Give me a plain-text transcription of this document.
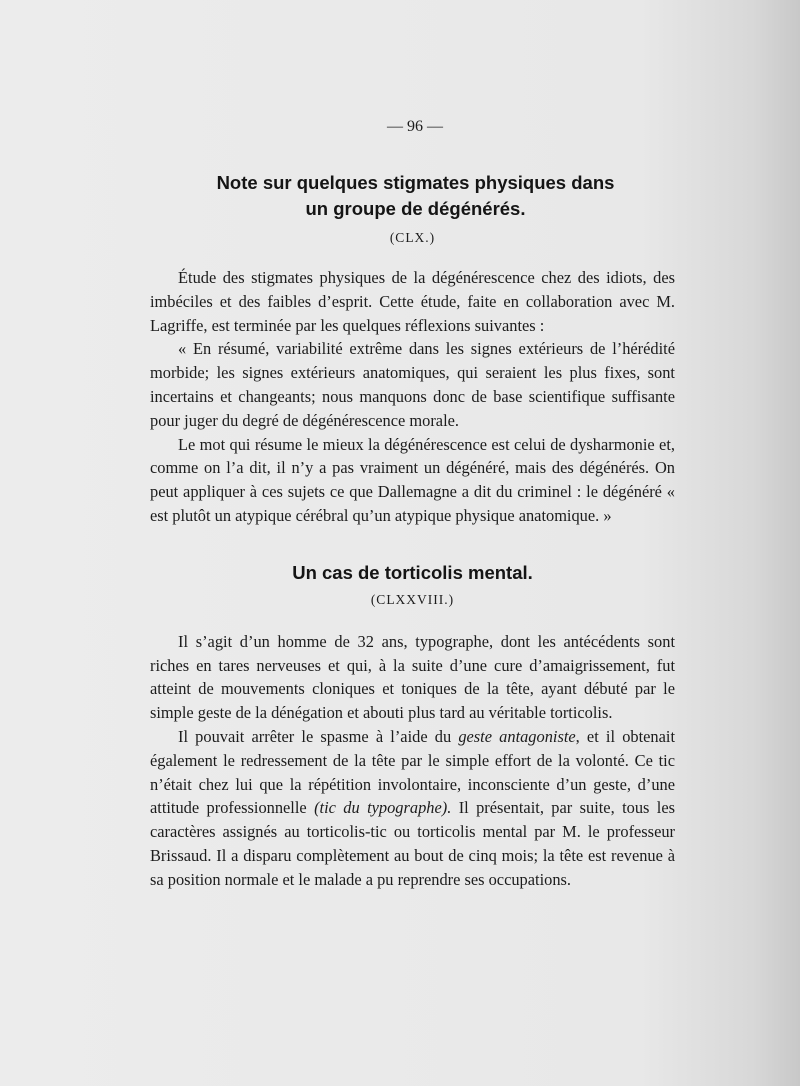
— 96 —
Note sur quelques stigmates physiques dans
un groupe de dégénérés.
(CLX.)

Étude des stigmates physiques de la dégénérescence chez des idiots, des imbéciles et des faibles d’esprit. Cette étude, faite en collaboration avec M. Lagriffe, est terminée par les quelques réflexions suivantes :

« En résumé, variabilité extrême dans les signes extérieurs de l’hérédité morbide; les signes extérieurs anatomiques, qui seraient les plus fixes, sont incertains et changeants; nous manquons donc de base scientifique suffisante pour juger du degré de dégénérescence morale.

Le mot qui résume le mieux la dégénérescence est celui de dysharmonie et, comme on l’a dit, il n’y a pas vraiment un dégénéré, mais des dégénérés. On peut appliquer à ces sujets ce que Dallemagne a dit du criminel : le dégénéré « est plutôt un atypique cérébral qu’un atypique physique anatomique. »

Un cas de torticolis mental.
(CLXXVIII.)

Il s’agit d’un homme de 32 ans, typographe, dont les antécédents sont riches en tares nerveuses et qui, à la suite d’une cure d’amaigrissement, fut atteint de mouvements cloniques et toniques de la tête, ayant débuté par le simple geste de la dénégation et abouti plus tard au véritable torticolis.

Il pouvait arrêter le spasme à l’aide du geste antagoniste, et il obtenait également le redressement de la tête par le simple effort de la volonté. Ce tic n’était chez lui que la répétition involontaire, inconsciente d’un geste, d’une attitude professionnelle (tic du typographe). Il présentait, par suite, tous les caractères assignés au torticolis-tic ou torticolis mental par M. le professeur Brissaud. Il a disparu complètement au bout de cinq mois; la tête est revenue à sa position normale et le malade a pu reprendre ses occupations.
